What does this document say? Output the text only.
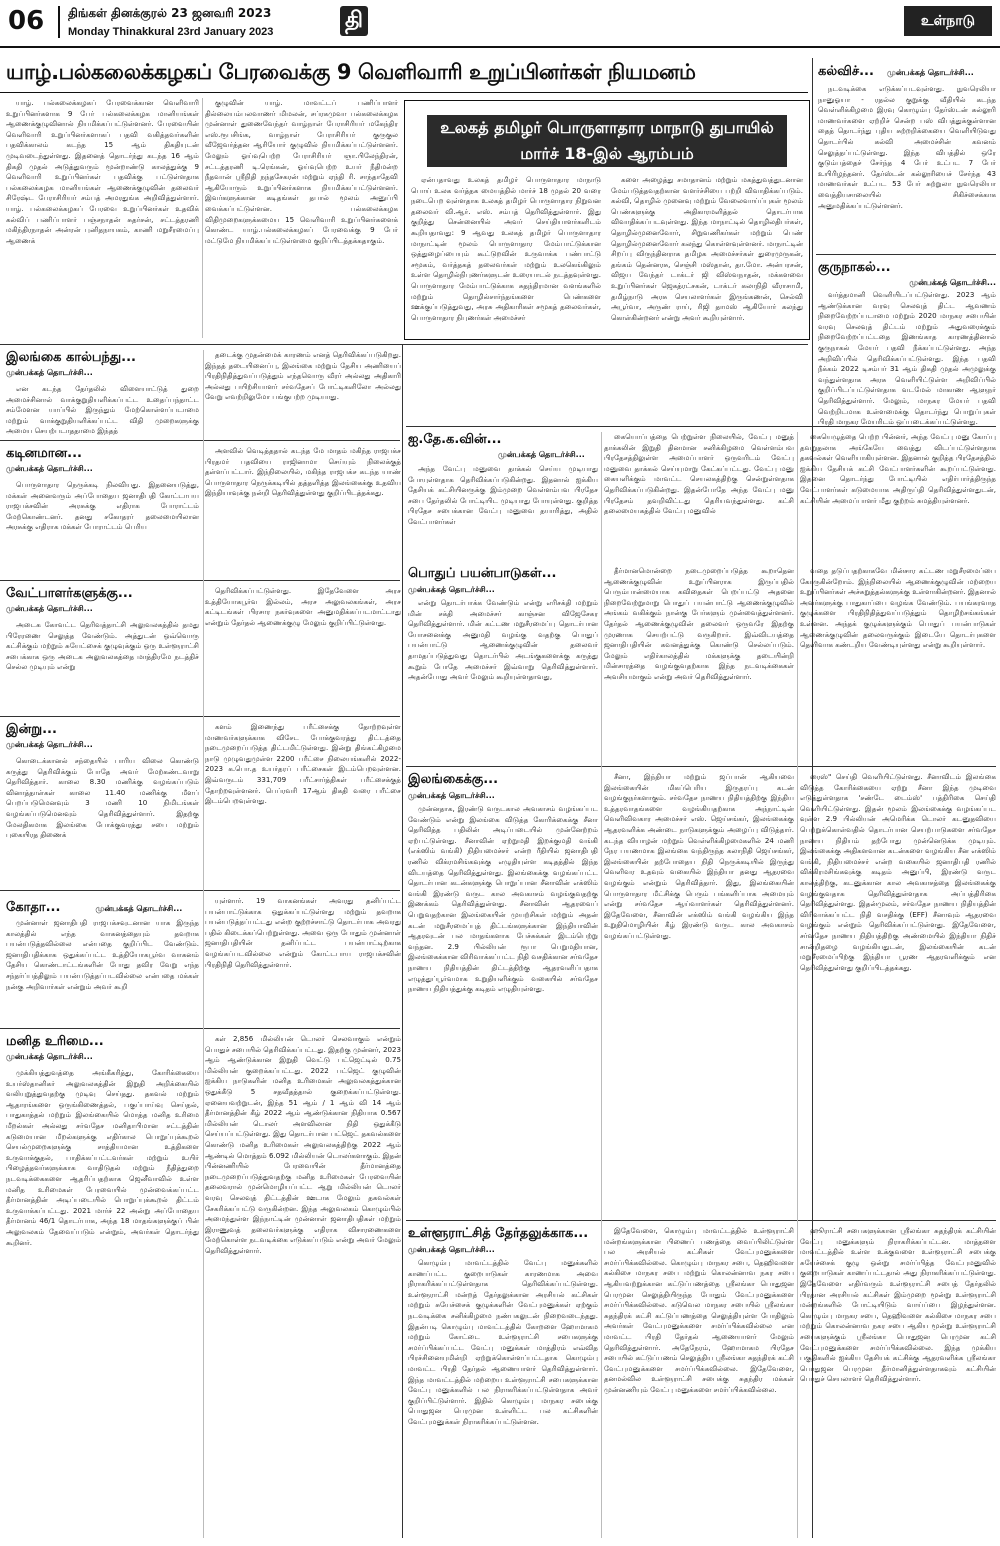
06 திங்கள் தினக்குரல் 23 ஜனவரி 2023
Monday Thinakkural 23rd January 2023	தி	உள்நாடு
யாழ்.பல்கலைக்கழகப் பேரவைக்கு 9 வெளிவாரி உறுப்பினர்கள் நியமனம்

யாழ். பல்கலைக்கழகப் பேரவைக்கான வெளிவாரி உறுப்பினர்களாக 9 பேர் பல்கலைக்கழக மானியங்கள் ஆணைக்குழுவினால் நியமிக்கப்பட்டுள்ளனர். பேரவையின் வெளிவாரி உறுப்பினர்களாகப் பதவி வகித்தவர்களின் பதவிக்காலம் கடந்த 15 ஆம் திகதியுடன் முடிவடைந்துள்ளது. இதனைத் தொடர்ந்து கடந்த 16 ஆம் திகதி முதல் அடுத்துவரும் மூன்றாண்டு காலத்துக்கு 9 வெளிவாரி உறுப்பினர்கள் பதவிக்கு பட்டுள்ளதாக பல்கலைக்கழக மானியங்கள் ஆணைக்குழுவின் தலைவர் சிரேஷ்ட பேராசிரியர் சம்பத் அமரதுங்க அறிவித்துள்ளார். யாழ். பல்கலைக்கழகப் பேரவை உறுப்பினர்கள் உதவிக் கல்விப் பணிப்பாளர் பஞ்சநாதன் சுதர்சன், சட்டத்தரணி மகிந்திரநாதன் அன்ரன் புனிதநாயகம், காணி மறுசீரமைப்பு ஆணைக்

குழுவின் யாழ். மாவட்டப் பணிப்பாளர் தில்லையம்பலவாணர் மிமலன், சப்ரகமுவா பல்கலைக்கழக முன்னாள் துணைவேந்தர் வாழ்நாள் பேராசிரியர் மகேந்திர எஸ்.ரூபசிங்க, வாழ்நாள் பேராசிரியர் குருகுல வீஜேவர்த்தன ஆரியோர் குழுவில் நியமிக்கப்பட்டுள்ளனர். மேலும் ஓய்வுபெற்ற பேராசிரியர் ஞா.பிலேந்திரன், சட்டத்தரணி டி.ரெங்கன், ஓய்வுபெற்ற உயர் நீதிமன்ற நீதவான் ஸ்ரீநிதி நந்தசேகரன் மற்றும் ஏந்தி ரி. சாந்தாதேவி ஆகியோரும் உறுப்பினர்களாக நியமிக்கப்பட்டுள்ளனர். இவர்களுக்கான கடிதங்கள் தபால் மூலம் அனுப்பி வைக்கப்பட்டுள்ளன. பல்கலைக்கழக விதிமுறைகளுக்கமைய 15 வெளிவாரி உறுப்பினர்களைக் கொண்ட யாழ்.பல்கலைக்கழகப் பேரவைக்கு 9 பேர் மட்டுமே நியமிக்கப்பட்டுள்ளமை குறிப்பிடத்தக்கதாகும்.

உலகத் தமிழர் பொருளாதார மாநாடு துபாயில் மார்ச் 18-இல் ஆரம்பம்

ஏன்பதாவது உலகத் தமிழர் பொருளாதார மாநாடு பொய் உலக வர்த்தக மையத்தில் மார்ச் 18 முதல் 20 வரை நடைபெற வுள்ளதாக உலகத் தமிழர் பொருளாதார நிறுவன தலைவர் வி.ஆர். எஸ். சம்பத் தெரிவித்துள்ளார். இது குறித்து சென்னையில் அவர் செய்தியாளர்களிடம் கூறியதாவது: 9 ஆவது உலகத் தமிழர் பொருளாதார மாநாட்டின் மூலம் பொருளாதார மேம்பாட்டுக்கான ஒத்துழைப்பையும் கூட்டுறவின் உருவாக்க பண்பாட்டு சமூகம், வர்த்தகத் தலைவர்கள் மற்றும் உலகெங்கிலும் உள்ள தொழில்நிபுணர்களுடன் உரையாடல் நடத்தவுள்ளது. பொருளாதார மேம்பாட்டுக்காக சுதந்திரமான வளங்களில் மற்றும் தொழில்சார்ந்தங்களை பெண்களை ஊக்குப்படுத்துவது, அரசு அதிகாரிகள் சமூகத் தலைவர்கள், பொருளாதார நிபுணர்கள் அமைச்சர்

களை அழைத்து சமாதானம் மற்றும் மகத்துவத்துடனான மேம்படுத்தவதற்கான வளர்ச்சியை பற்றி விவாதிக்கப்படும். கல்வி, தொழில் முனைவு மற்றும் வேலைவாய்ப்புகள் மூலம் பெண்களுக்கு அதிகாரமளித்தல் தொடர்பாக விவாதிக்கப்படவுள்ளது. இந்த மாநாட்டில் தொழிலதிபர்கள், தொழில்முனைவோர், சிறுவணிகர்கள் மற்றும் பெண் தொழில்முனைவோர் கலந்து கொள்ளவுள்ளனர். மாநாட்டின் சிறப்பு விருந்தினராக தமிழக அமைச்சர்கள் துரைமுருகன், தங்கம் தென்னரசு, செஞ்சி மஸ்தான், தா.மோ. அன்பரசன், விஜய வேந்தர் டாக்டர் ஜி விஸ்வநாதன், மக்களவை உறுப்பினர்கள் ஜெகத்ரட்சகன், டாக்டர் கலாநிதி வீராசாமி, தமிழ்நாடு அரசு செயலாளர்கள் இருங்கணன், செல்வி அபூர்வா, அருண் ராய், ரிஜி தாமஸ் ஆகியோர் கலந்து கொள்கின்றனர் என்று அவர் கூறியுள்ளார்.

கல்விச்... முன்பக்கத் தொடர்ச்சி...

நடவடிக்கை எடுக்கப்படவுள்ளது. நுவரெலியா நானுஓயா - ரதல்ல குறுக்கு வீதியில் கடந்த வெள்ளிக்கிழமை இரவு கொழும்பு தேர்ஸ்டன் கல்லூரி மாணவர்களை ஏற்றிச் சென்ற பஸ் விபத்துக்குள்ளான தைத் தொடர்ந்து புதிய சுற்றறிக்கையை வெளியிடுவது தொடர்பில் கல்வி அமைச்சின் கவனம் செலுத்தப்பட்டுள்ளது. இந்த விபத்தில் ஒரே குடும்பத்தைச் சேர்ந்த 4 பேர் உட்பட 7 பேர் உயிரிழந்தனர். தேர்ஸ்டன் கல்லூரியைச் சேர்ந்த 43 மாணவர்கள் உட்பட 53 பேர் சுற்றுலா நுவரெலியா வைத்தியசாலையில் சிகிச்சைக்காக அனுமதிக்கப்பட்டுள்ளனர்.

குருநாகல்...
முன்பக்கத் தொடர்ச்சி...

வர்த்தமானி வெளியிடப்பட்டுள்ளது. 2023 ஆம் ஆண்டுக்கான வரவு செலவுத் திட்ட ஆவணம் நிறைவேற்றப்படாமை மற்றும் 2020 மாநகர சபையின் வரவு செலவுத் திட்டம் மற்றும் அதுவரைக்கும் நிறைவேற்றப்பட்டதை இணங்காத காரணத்தினால் குருநாகல் மேயர் பதவி நீக்கப்பட்டுள்ளது. அந்த அறிவிப்பில் தெரிவிக்கப்பட்டுள்ளது. இந்த பதவி நீக்கம் 2022 டிசம்பர் 31 ஆம் திகதி முதல் அமுலுக்கு வந்துள்ளதாக அரசு வெளியிட்டுள்ள அறிவிப்பில் குறிப்பிடப்பட்டுள்ளதாக வடமேல் மாகாண ஆளுநர் தெரிவித்துள்ளார். மேலும், மாநகர மேயர் பதவி வெற்றிடமாக உள்ளமைக்கு தொடர்ந்து பொறுப்புகள் பிரதி மாநகர மேயரிடம் ஒப்படைக்கப்பட்டுள்ளது.

இலங்கை கால்பந்து...
முன்பக்கத் தொடர்ச்சி...

என கடந்த தேர்தலில் விளையாட்டுத் துறை அமைச்சினால் வாக்குறுதியளிக்கப்பட்ட உதைப்பந்தாட்ட சம்மேளன யாப்பில் இருந்தும் மேற்கொள்ளப்படாமை மற்றும் வாக்குறுதியளிக்கப்பட்ட விதி முறைகளுக்கு அமைய செயற்படாததாமை இந்தத்

தடைக்கு முதன்மைக் காரணம் எனத் தெரிவிக்கப்படுகிறது. இந்தத் தடையினைப்பு, இலங்கை மற்றும் தேசிய அணியைப் பிரதிநிதித்துவப்படுத்தும் எந்தவொரு வீரர் அல்லது அதிகாரி அல்லது பயிற்சியாளர் சர்வதேசப் போட்டிகளிலோ அல்லது வேறு எவற்றிலுமோ பங்குபற்ற முடியாது.

கடினமான...
முன்பக்கத் தொடர்ச்சி...

பொருளாதார நெருக்கடி நிலவியது. இதனையடுத்து, மக்கள் அனைவரும் அப்போதைய ஜனாதிபதி கோட்டாபய ராஜபக்சவின் அரசுக்கு எதிராக போராட்டம் மேற்கொண்டனர். தனது சகோதரர் தலைமையிலான அரசுக்கு எதிராக மக்கள் போராட்டம் பெரிய

அளவில் வெடித்ததால் கடந்த மே மாதம் மகிந்த ராஜபக்ச பிரதமர் பதவியை ராஜினாமா செய்யும் நிலைக்குத் தள்ளப்பட்டார். இந்நிலையில், மகிந்த ராஜபக்ச கடந்த யாண் பொருளாதார நெருக்கடியில் தத்தளித்த இலங்கைக்கு உதவிய இந்தியாவுக்கு நன்றி தெரிவித்துள்ளது குறிப்பிடத்தக்கது.

வேட்பாளர்களுக்கு...
முன்பக்கத் தொடர்ச்சி...

அடைக கோவட்ட தெரிவத்தாட்சி அலுவலகத்தில் தமது பிரேரணை செலுத்த வேண்டும். அத்துடன் ஒவ்வொரு கட்சிக்கும் மற்றும் சுயேட்சைக் குழுவுக்கும் ஒரு உள்ளூராட்சி சபைக்காக ஒரு அடைக அலுவலகத்தை மாத்திரமே நடத்திச் செல்ல முடியும் என்று

தெரிவிக்கப்பட்டுள்ளது. இதேவேளை அரச உத்தியோகபூர்வ இல்லம், அரச அலுவலகங்கள், அரச கட்டிடங்கள் பிரசார நகர்வுகளை அனுமதிக்கப்படமாட்டாது என்றும் தேர்தல் ஆணைக்குழு மேலும் குறிப்பிட்டுள்ளது.

இன்று...
முன்பக்கத் தொடர்ச்சி...

கொடைக்கானல் சந்தையில் பாரிய விலை கொண்டு கருத்து தெரிவிக்கும் போதே அவர் மேற்கண்டவாறு தெரிவித்தார். காலை 8.30 மணிக்கு வழங்கப்படும் வினாத்தாள்கள் காலை 11.40 மணிக்கு மீளப் பெறப்படுமெனவும் 3 மணி 10 நிமிடங்கள் வழங்கப்படுமெனவும் தெரிவித்துள்ளார். இதற்கு மேலதிகமாக இலங்கை போக்குவரத்து சபை மற்றும் புகையிரத திணைக்

களம் இணைந்து பரீட்சைக்கு தோற்றவுள்ள மாணவர்களுக்காக விசேட போக்குவரத்து திட்டத்தை நடைமுறைப்படுத்த திட்டமிட்டுள்ளது. இன்று திங்கட்கிழமை நாடு முழுவதுமுள்ள 2200 பரீட்சை நிலையங்களில் 2022-2023 க.பொ.த உயர்தரப் பரீட்சைகள் இடம்பெறவுள்ளன. இவ்வருடம் 331,709 பரீட்சார்த்திகள் பரீட்சைக்குத் தோற்றவுள்ளனர். பெப்ரவரி 17ஆம் திகதி வரை பரீட்சை இடம்பெறவுள்ளது.

கோதா...	முன்பக்கத் தொடர்ச்சி...

முன்னாள் ஜனாதிபதி ராஜபக்சவுடனான யாக இருந்த காலத்தில் எந்த வாகனத்தையும் தவறாக பயன்படுத்தவில்லை என்பதை குறிப்பிட வேண்டும். ஜனாதிபதிக்காக ஒதுக்கப்பட்ட உத்தியோகபூர்வ வாகனம் தேசிய கொண்டாட்டங்களின் போது தவிர வேறு எந்த சந்தர்ப்பத்திலும் பயன்படுத்தப்படவில்லை என்பதை மக்கள் நன்கு அறிவார்கள் என்றும் அவர் கூறி

யுள்ளார். 19 வாகனங்கள் அவரது தனிப்பட்ட பயன்பாட்டுக்காக ஒதுக்கப்பட்டுள்ளது மற்றும் தவறாக பயன்படுத்தப்பட்டது என்ற குற்றச்சாட்டு தொடர்பாக அவரது பதில் கிடைக்கப்பெற்றுள்ளது. அவை ஒரு போதும் முன்னாள் ஜனாதிபதியின் தனிப்பட்ட பயன்பாட்டிற்காக வழங்கப்படவில்லை என்றும் கோட்டபாய ராஜபக்சவின் பிரதிநிதி தெரிவித்துள்ளார்.

மனித உரிமை...
முன்பக்கத் தொடர்ச்சி...

முக்கியத்துவத்தை அங்கீகரித்து, கோரிக்கையை உயர்ஸ்தானிகர் அலுவலகத்தின் இறுதி அறிக்கையில் வலியுறுத்துவதற்கு முடிவு செய்தது. தகவல் மற்றும் ஆதாரங்களை ஒருங்கிணைத்தல், பகுப்பாய்வு செய்தல், பாதுகாத்தல் மற்றும் இலங்கையில் மொத்த மனித உரிமை மீறல்கள் அல்லது சர்வதேச மனிதாபிமான சட்டத்தின் கடுமையான மீறல்களுக்கு எதிர்கால பொறுப்புக்கூறல் செயல்முறைகளுக்கு சாத்தியமான உத்திகளை உருவாக்குதல், பாதிக்கப்பட்டவர்கள் மற்றும் உயிர் பிழைத்தவர்களுக்காக வாதிடுதல் மற்றும் நீதித்துறை நடவடிக்கைகளை ஆதரிப்பதற்காக ஜெனீவாவில் உள்ள மனித உரிமைகள் பேரவையில் முன்வைக்கப்பட்ட தீர்மானத்தின் அடிப்படையில் பொறுப்புக்கூறல் திட்டம் உருவாக்கப்பட்டது. 2021 மார்ச் 22 அன்று அப்போதைய தீர்மானம் 46/1 தொடர்பாக, அந்த 18 மாதங்களுக்குப் பின் அலுவலகம் தேவைப்படும் என்றும், அவர்கள் தொடர்ந்து கூறினர்.

கள் 2,856 மில்லியன் டொலர் செலவாகும் என்றும் பொதுச் சபையில் தெரிவிக்கப்பட்டது. இதற்கு முன்னர், 2023 ஆம் ஆண்டுக்கான இறுதி வெட்டு பட்ஜெட்டில் 0.75 மில்லியன் குறைக்கப்பட்டது. 2022 பட்ஜெட் குழுவின் ஐக்கிய நாடுகளின் மனித உரிமைகள் அலுவலகத்துக்கான ஒதுக்கீடு 5 சதவீதத்தால் குறைக்கப்பட்டுள்ளது. ஏனையவற்றுடன், இந்த 51 ஆம் / 1 ஆம் வி 14 ஆம் தீர்மானத்தின் கீழ் 2022 ஆம் ஆண்டுக்கான நிதியாக 0.567 மில்லியன் டொலர் அளவிலான நிதி ஒதுக்கீடு செய்யப்பட்டுள்ளது. இது தொடர்பான பட்ஜெட் தகவல்களை கொண்டு மனித உரிமைகள் அலுவலகத்திற்கு 2022 ஆம் ஆண்டில் மொத்தம் 6.092 மில்லியன் டொலர்களாகும். இதன் பின்னணியில் பேரவையின் தீர்மானத்தை நடைமுறைப்படுத்துவதற்கு மனித உரிமைகள் பேரவையின் தலைவரால் முன்மொழியப்பட்ட ஆறு மில்லியன் டொலர் வரவு செலவுத் திட்டத்தின் ஊடாக மேலும் தகவல்கள் சேகரிக்கப்பட்டு வருகின்றன. இந்த அலுவலகம் கொழும்பில் அமைந்துள்ள இந்நாட்டின் முன்னாள் ஜனாதிபதிகள் மற்றும் இராணுவத் தலைவர்களுக்கு எதிராக விசாரணைகளை மேற்கொள்ள நடவடிக்கை எடுக்கப்படும் என்று அவர் மேலும் தெரிவித்துள்ளார்.

ஐ.தே.க.வின்...
முன்பக்கத் தொடர்ச்சி...

அந்த வேட்பு மனுவை தாக்கல் செய்ய முடியாது போயுள்ளதாக தெரிவிக்கப்படுகின்றது. இதனால் ஐக்கிய தேசியக் கட்சியினருக்கு இம்முறை வெள்ளம்பவ பிரதேச சபை தேர்தலில் போட்டியிட முடியாது போயுள்ளது. குறித்த பிரதேச சபைக்கான வேட்பு மனுவை தயாரித்து, அதில் வேட்பாளர்கள்

கையொப்பத்தை பெற்றுள்ள நிலையில், வேட்பு மனுத் தாக்கலின் இறுதி தினமான சனிக்கிழமை வெள்ளம்பவ பிரதேசத்திலுள்ள அமைப்பாளர் ஒருவரிடம் வேட்பு மனுவை தாக்கல் செய்யுமாறு கேட்கப்பட்டது. வேட்பு மனு கையளிக்கும் மாவட்ட செயலகத்திற்கு சென்றுள்ளதாக தெரிவிக்கப்படுகின்றது. இதன்போதே அந்த வேட்பு மனு பிரதேசம் தவறிவிட்டது தெரியவந்துள்ளது. கட்சி தலைமையகத்தில் வேட்பு மனுவில்

கையெழுத்தை பெற்ற பின்னர், அந்த வேட்பு மனு கோப்பு தவறுதலாக அங்கேயே வைத்து விடப்பட்டுள்ளதாக தகவல்கள் வெளியாகியுள்ளன. இதனால் குறித்த பிரதேசத்தில் ஐக்கிய தேசியக் கட்சி வேட்பாளர்களின் கூறப்பட்டுள்ளது. இதனை தொடர்ந்து போட்டியில் எதிர்பார்த்திருந்த வேட்பாளர்கள் கடுமையாக அதிருப்தி தெரிவித்துள்ளதுடன், கட்சியின் அமைப்பாளர் மீது குற்றம் சுமத்தியுள்ளனர்.

பொதுப் பயன்பாடுகள்...
முன்பக்கத் தொடர்ச்சி...

என்று தொடர்பாக்க வேண்டும் என்று எரிசக்தி மற்றும் மின் சக்தி அமைச்சர் காஞ்சன விஜேசேகர தெரிவித்துள்ளார். மின் கட்டண மறுசீரமைப்பு தொடர்பான யோசனைக்கு அனுமதி வழங்கு வதற்கு பொதுப் பயன்பாட்டு ஆணைக்குழுவின் தலைவர் தாமதப்படுத்துவது தொடர்பில் அடங்குகளைக்கு கருத்து கூறும் போதே அமைச்சர் இவ்வாறு தெரிவித்துள்ளார். அதன்போது அவர் மேலும் கூறியுள்ளதாவது,

தீர்மானமொன்றை நடைமுறைப்படுத்த கூறாதென ஆணைக்குழுவின் உறுப்பினராக இருப்பதில் பெரும்பான்மையாக கவிதைகள் பெறப்பட்டு அதனை நிறைவேற்றுமாறு பொதுப் பயன்பாட்டு ஆணைக்குழுவில் அங்கம் வகிக்கும் நான்கு பேர்களும் முன்வைத்துள்ளனர். தேர்தல் ஆணைக்குழுவின் தலைவர் ஒருவரே இதற்கு முரணாக செயற்பட்டு வருகிறார். இவ்விடயத்தை ஜனாதிபதியின் கவனத்துக்கு கொண்டு செல்லப்படும். மேலும் எதிர்காலத்தில் மக்களுக்கு தடையின்றி மின்சாரத்தை வழங்குவதற்காக இந்த நடவடிக்கைகள் அவசியமாகும் என்று அவர் தெரிவித்துள்ளார்.

வதை தடுப்பதற்காகவே மின்சார கட்டண மறுசீரமைப்பை கோருகின்றோம். இந்நிலையில் ஆணைக்குழுவின் மற்றைய உறுப்பினர்கள் அச்சுறுத்தல்களுக்கு உள்ளாகின்றனர். இதனால் அவர்களுக்கு பாதுகாப்பை வழங்க வேண்டும். பயங்கரவாத குழுக்களை பிரதிநிதித்துவப்படுத்தும் தொழிற்சங்கங்கள் உள்ளன. அந்தக் குழுக்களுக்கும் பொதுப் பயன்பாடுகள் ஆணைக்குழுவின் தலைவருக்கும் இடையே தொடர்புகளை தெளிவாக கண்டறிய வேண்டியுள்ளது என்று கூறியுள்ளார்.

இலங்கைக்கு...
முன்பக்கத் தொடர்ச்சி...

முன்னதாக, இரண்டு வருடகால அவகாசம் வழங்கப்பட வேண்டும் என்று இலங்கை விடுத்த கோரிக்கைக்கு சீனா தெரிவித்த பதிலின் அடிப்படையில் முன்னேற்றம் ஏற்பட்டுள்ளது. சீனாவின் ஏற்றுமதி இறக்குமதி வங்கி (எக்ஸிம் வங்கி) நிதியமைச்சர் என்ற ரீதியில் ஜனாதிபதி ரணில் விக்ரமசிங்கவுக்கு எழுதியுள்ள கடிதத்தில் இந்த விடயத்தை தெரிவித்துள்ளது. இலங்கைக்கு வழங்கப்பட்ட தொடர்பான கடன்களுக்கு பொறுப்பான சீனாவின் எக்ஸிம் வங்கி இரண்டு வருட கால அவகாசம் வழங்குவதற்கு இணக்கம் தெரிவித்துள்ளது. சீனாவின் ஆதரவைப் பெறுவதற்கான இலங்கையின் முயற்சிகள் மற்றும் அதன் கடன் மறுசீரமைப்புத் திட்டங்களுக்கான இந்தியாவின் ஆதரவுடன் பல மாதங்களாக பேச்சுக்கள் இடம்பெற்று வந்தன. 2.9 பில்லியன் ரூபா பெறுமதியான, இலங்கைக்கான விரிவாக்கப்பட்ட நிதி வசதிக்கான சர்வதேச நாணய நிதியத்தின் திட்டத்திற்கு ஆதரவளிப்பதாக எழுத்துப்பூர்வமாக உறுதியளிக்கும் வகையில் சர்வதேச நாணய நிதியத்துக்கு கடிதம் எழுதியுள்ளது.

சீனா, இந்தியா மற்றும் ஜப்பான் ஆகியவை இலங்கையின் மிகப்பெரிய இருதரப்பு கடன் வழங்குநர்களாகும். சர்வதேச நாணய நிதியத்திற்கு இந்திய உத்தரவாதங்களை வழங்கியதற்காக அந்நாட்டின் வெளிவிவகார அமைச்சர் எஸ். ஜெய்சங்கர், இலங்கைக்கு ஆதரவளிக்க அண்டை நாடுகளுக்கும் அழைப்பு விடுத்தார். கடந்த வியாழன் மற்றும் வெள்ளிக்கிழமைகளில் 24 மணி நேர பயணமாக இலங்கை வந்திருந்த கலாநிதி ஜெய்சங்கர், இலங்கையின் தற்போதைய நிதி நெருக்கடியில் இருந்து வெளிவர உதவும் வகையில் இந்தியா தனது ஆதரவை வழங்கும் என்றும் தெரிவித்தார். இது, இலங்கையின் பொருளாதார மீட்சிக்கு பெரும் பங்களிப்பாக அமையும் என்று சர்வதேச ஆய்வாளர்கள் தெரிவித்துள்ளனர். இதேவேளை, சீனாவின் எக்ஸிம் வங்கி வழங்கிய இந்த உறுதிமொழியின் கீழ் இரண்டு வருட கால அவகாசம் வழங்கப்பட்டுள்ளது.

ரைஸ்" செய்தி வெளியிட்டுள்ளது. சீனாவிடம் இலங்கை விடுத்த கோரிக்கையை ஏற்று சீனா இந்த முடிவை எடுத்துள்ளதாக 'சண்டே டைம்ஸ்' பத்திரிகை செய்தி வெளியிட்டுள்ளது. இதன் மூலம் இலங்கைக்கு வழங்கப்பட வுள்ள 2.9 பில்லியன் அமெரிக்க டொலர் கடனுதவியை பெற்றுக்கொள்வதில் தொடர்பான செயற்பாடுகளை சர்வதேச நாணய நிதியம் தற்போது முன்னெடுக்க முடியும். இலங்கைக்கு அதிகளவான கடன்களை வழங்கிய சீன எக்ஸிம் வங்கி, நிதியமைச்சர் என்ற வகையில் ஜனாதிபதி ரணில் விக்கிரமசிங்கவுக்கு கடிதம் அனுப்பி, இரண்டு வருட காலத்திற்கு, கடனுக்கான கால அவகாசத்தை இலங்கைக்கு வழங்குவதாக தெரிவித்துள்ளதாக அப்பத்திரிகை தெரிவித்துள்ளது. இதன்முலம், சர்வதேச நாணய நிதியத்தின் விரிவாக்கப்பட்ட நிதி வசதிக்கு (EFF) சீனாவும் ஆதரவை வழங்கும் என்றும் தெரிவிக்கப்பட்டுள்ளது. இதேவேளை, சர்வதேச நாணய நிதியத்திற்கு அண்மையில் இந்தியா நிதிச் சான்றிதழை வழங்கியதுடன், இலங்கையின் கடன் மறுசீரமைப்பிற்கு இந்தியா பூரண ஆதரவளிக்கும் என தெரிவித்துள்ளது குறிப்பிடத்தக்கது.

உள்ளூராட்சித் தேர்தலுக்காக...
முன்பக்கத் தொடர்ச்சி...

கொழும்பு மாவட்டத்தில் வேட்பு மனுக்களில் காணப்பட்ட குறைபாடுகள் காரணமாக அவை நிராகரிக்கப்பட்டுள்ளதாக தெரிவிக்கப்பட்டுள்ளது. உள்ளூராட்சி மன்றத் தேர்தலுக்கான அரசியல் கட்சிகள் மற்றும் சுயேச்சைக் குழுக்களின் வேட்புமனுக்கள் ஏற்கும் நடவடிக்கை சனிக்கிழமை நண்பகலுடன் நிறைவடைந்தது. இதன்படி கொழும்பு மாவட்டத்தில் கோறளை ஹோமாகம மற்றும் கோட்டை உள்ளூராட்சி சபைகளுக்கு சமர்ப்பிக்கப்பட்ட வேட்பு மனுக்கள் மாத்திரம் எவ்வித பிரச்சினையுமின்றி ஏற்றுக்கொள்ளப்பட்டதாக கொழும்பு மாவட்ட பிரதி தேர்தல் ஆணையாளர் தெரிவித்துள்ளார். இந்த மாவட்டத்தில் மற்றைய உள்ளூராட்சி சபைகளுக்கான வேட்பு மனுக்களில் பல நிராகரிக்கப்பட்டுள்ளதாக அவர் குறிப்பிட்டுள்ளார். இதில் கொழும்பு மாநகர சபைக்கு பொதுஜன பெரமுன உள்ளிட்ட பல கட்சிகளின் வேட்புமனுக்கள் நிராகரிக்கப்பட்டுள்ளன.

இதேவேளை, கொழும்பு மாவட்டத்தில் உள்ளூராட்சி மன்றங்களுக்கான பிணைப் பணத்தை வைப்பிலிட்டுள்ள பல அரசியல் கட்சிகள் வேட்புமனுக்களை சமர்ப்பிக்கவில்லை. கொழும்பு மாநகர சபை, தெஹிவளை கல்கிசை மாநகர சபை மற்றும் கொலன்னாவ நகர சபை ஆகியவற்றுக்கான கட்டுப்பணத்தை ஸ்ரீலங்கா பொதுஜன பெரமுன செலுத்தியிருந்த போதும் வேட்புமனுக்களை சமர்ப்பிக்கவில்லை. கடுவெல மாநகர சபையில் ஸ்ரீலங்கா சுதந்திரக் கட்சி கட்டுப்பணத்தை செலுத்தியுள்ள போதிலும் அவர்கள் வேட்புமனுக்களை சமர்ப்பிக்கவில்லை என மாவட்ட பிரதி தேர்தல் ஆணையாளர் மேலும் தெரிவித்துள்ளார். அதேநேரம், ஹோமாகம பிரதேச சபையில் கட்டுப்பணம் செலுத்திய ஸ்ரீலங்கா சுதந்திரக் கட்சி வேட்புமனுக்களை சமர்ப்பிக்கவில்லை. இதேவேளை, தனமல்வில உள்ளூராட்சி சபைக்கு சுதந்திர மக்கள் முன்னணியும் வேட்பு மனுக்களை சமர்ப்பிக்கவில்லை.

ஹூராட்சி சபைகளுக்கான ஸ்ரீலங்கா சுதந்திரக் கட்சியின் வேட்பு மனுக்களும் நிராகரிக்கப்பட்டன. மாத்தளை மாவட்டத்தில் உள்ள உக்குவளை உள்ளூராட்சி சபைக்கு சுயேச்சைக் குழு ஒன்று சமர்ப்பித்த வேட்புமனுவில் குறைபாடுகள் காணப்பட்டதால் அது நிராகரிக்கப்பட்டுள்ளது. இதேவேளை எதிர்வரும் உள்ளூராட்சி சபைத் தேர்தலில் பிரதான அரசியல் கட்சிகள் இம்முறை மூன்று உள்ளூராட்சி மன்றங்களில் போட்டியிடும் வாய்ப்பை இழந்துள்ளன. கொழும்பு மாநகர சபை, தெஹிவளை கல்கிசை மாநகர சபை மற்றும் கொலன்னாவ நகர சபை ஆகிய மூன்று உள்ளூராட்சி சபைகளுக்கும் ஸ்ரீலங்கா பொதுஜன பெரமுன கட்சி வேட்புமனுக்களை சமர்ப்பிக்கவில்லை. இந்த முக்கிய பகுதிகளில் ஐக்கிய தேசியக் கட்சிக்கு ஆதரவளிக்க ஸ்ரீலங்கா பொதுஜன பெரமுன தீர்மானித்துள்ளதாகவும் கட்சியின் பொதுச் செயலாளர் தெரிவித்துள்ளார்.
